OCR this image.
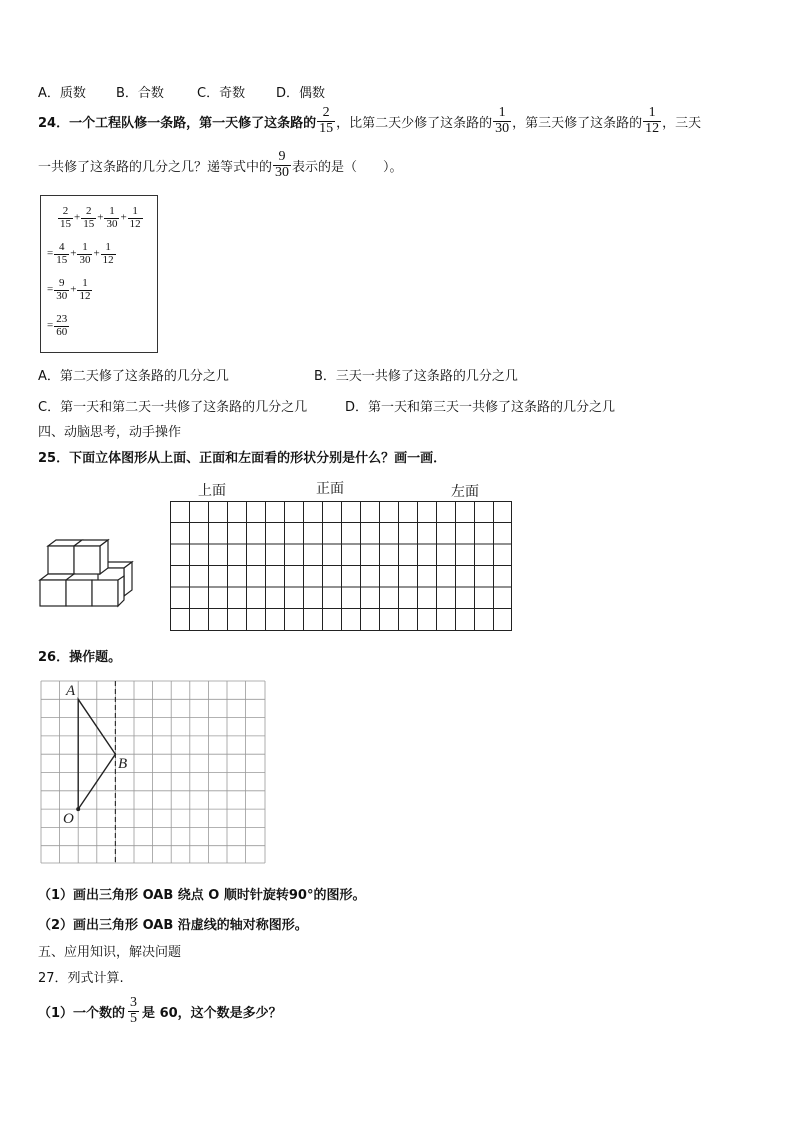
A．质数 B．合数	C．奇数 D．偶数
24．一个工程队修一条路，第一天修了这条路的 $\frac{2}{15}$ ，比第二天少修了这条路的 $\frac{1}{30}$ ，第三天修了这条路的 $\frac{1}{12}$ ，三天
一共修了这条路的几分之几？递等式中的 $\frac{9}{30}$ 表示的是（　　）。
$\frac{2}{15} + \frac{2}{15} + \frac{1}{30} + \frac{1}{12}$
= $\frac{4}{15} + \frac{1}{30} + \frac{1}{12}$
= $\frac{9}{30} + \frac{1}{12}$
= $\frac{23}{60}$
A．第二天修了这条路的几分之几	B．三天一共修了这条路的几分之几
C．第一天和第二天一共修了这条路的几分之几	D．第一天和第三天一共修了这条路的几分之几
四、动脑思考，动手操作
25．下面立体图形从上面、正面和左面看的形状分别是什么？画一画．
上面	正面	左面
26．操作题。
A
B
O
（1）画出三角形 OAB 绕点 O 顺时针旋转90°的图形。
（2）画出三角形 OAB 沿虚线的轴对称图形。
五、应用知识，解决问题
27．列式计算.
（1）一个数的 $\frac{3}{5}$ 是 60，这个数是多少？
